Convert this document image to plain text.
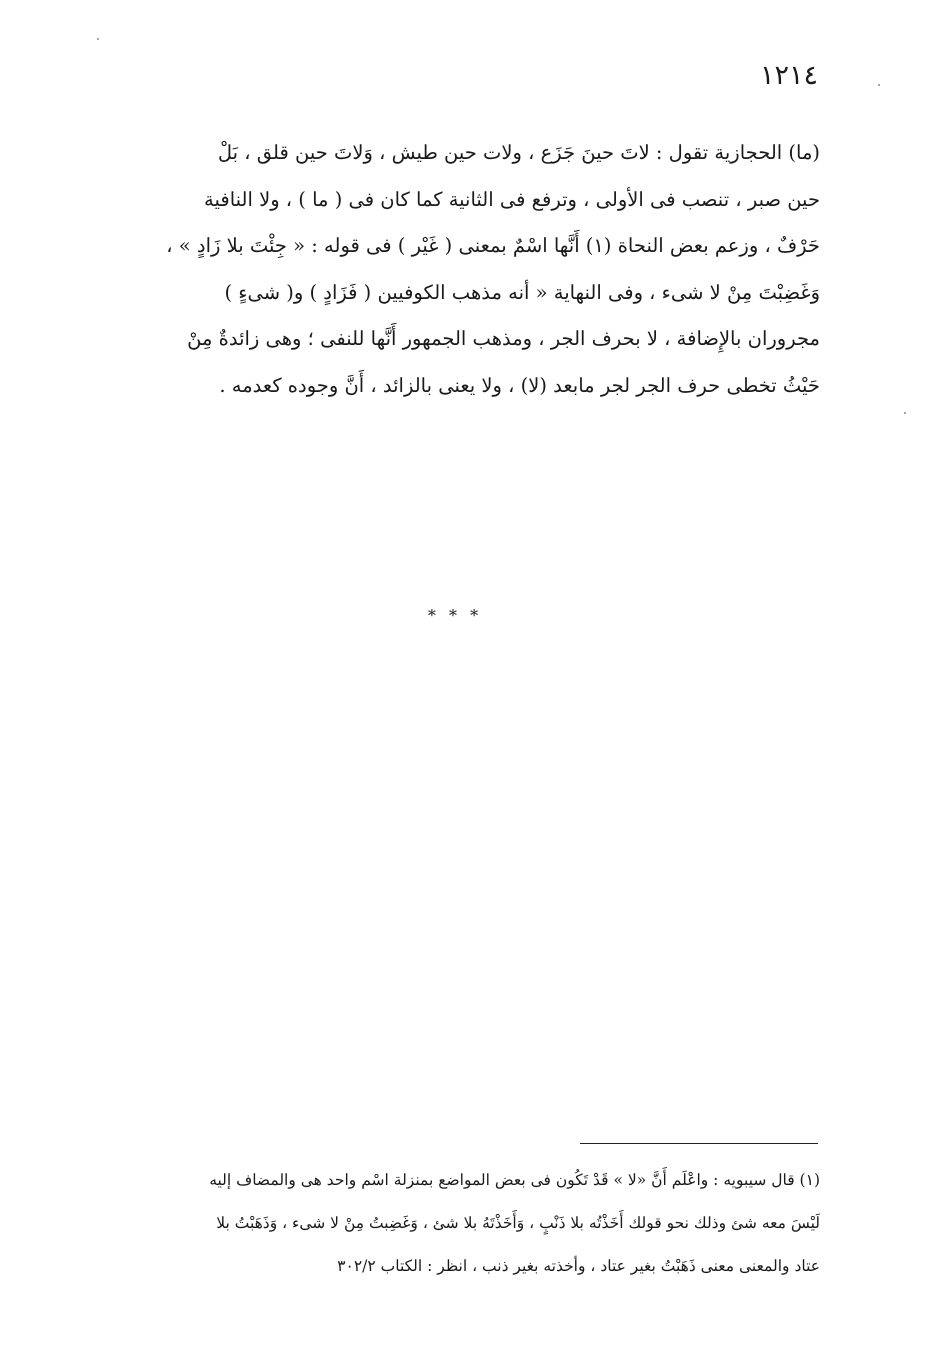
١٢١٤
(ما) الحجازية تقول : لاتَ حينَ جَزَع ، ولات حين طيش ، وَلاتَ حين قلق ، بَلْ
حين صبر ، تنصب فى الأولى ، وترفع فى الثانية كما كان فى ( ما ) ، ولا النافية
حَرْفٌ ، وزعم بعض النحاة (١) أَنَّها اسْمٌ بمعنى ( غَيْر ) فى قوله : « جِئْتَ بلا زَادٍ » ،
وَغَضِبْتَ مِنْ لا شىء ، وفى النهاية « أنه مذهب الكوفيين ( فَزَادٍ ) و( شىءٍ )
مجروران بالإِضافة ، لا بحرف الجر ، ومذهب الجمهور أَنَّها للنفى ؛ وهى زائدةٌ مِنْ
حَيْثُ تخطى حرف الجر لجر مابعد (لا) ، ولا يعنى بالزائد ، أَنَّ وجوده كعدمه .
* * *
(١) قال سيبويه : واعْلَم أَنَّ «لا » قَدْ تَكُون فى بعض المواضع بمنزلة اسْم واحد هى والمضاف إليه
لَيْسَ معه شئ وذلك نحو قولك أَخَذْتُه بلا ذَنْبٍ ، وَأَخَذْتَهُ بلا شئ ، وَغَضِبتُ مِنْ لا شىء ، وَذَهَبْتُ بلا
عتاد والمعنى معنى ذَهَبْتُ بغير عتاد ، وأخذته بغير ذنب ، انظر : الكتاب ٣٠٢/٢
